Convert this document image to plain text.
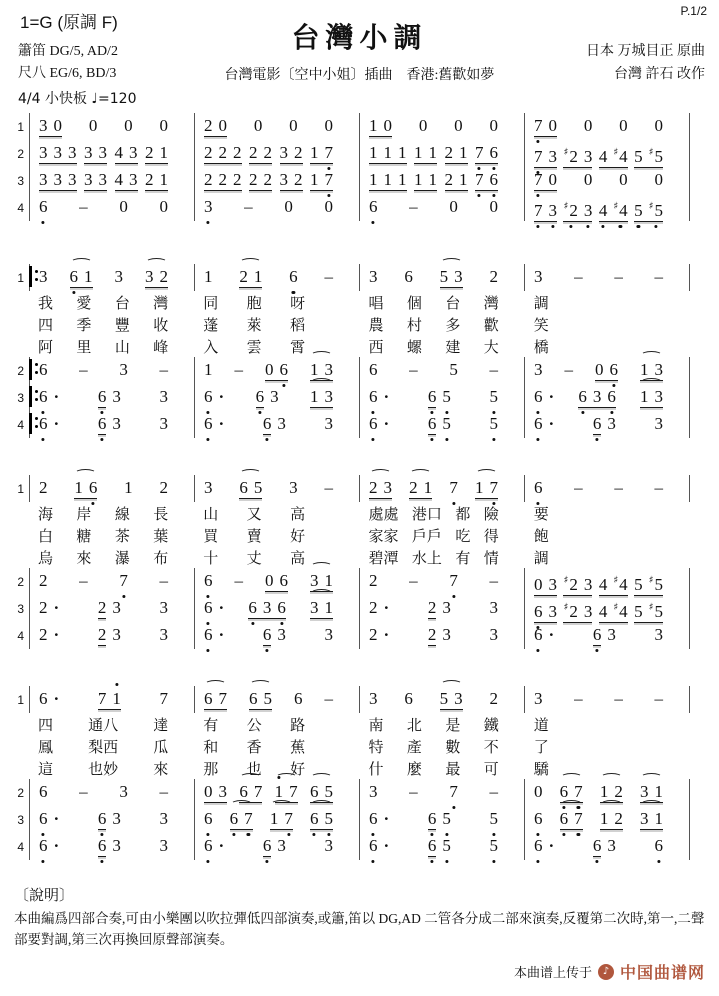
1=G (原調 F)
P.1/2
台灣小調
簫笛 DG/5, AD/2
尺八 EG/6, BD/3	台灣電影〔空中小姐〕插曲　香港:舊歡如夢
日本 万城目正 原曲
台灣 許石 改作
4/4 小快板 ♩=120
1 3 0 0 0 0 2 0 0 0 0 1 0 0 0 0 7 0 0 0 0
2 3 3 3 3 3 4 3 2 1 2 2 2 2 2 3 2 1 7 1 1 1 1 1 2 1 7 6 7 3 ♯2 3 4 ♯4 5 ♯5
3 3 3 3 3 3 4 3 2 1 2 2 2 2 2 3 2 1 7 1 1 1 1 1 2 1 7 6 7 0 0 0 0
4 6 – 0 0 3 – 0 0 6 – 0 0 7 3 ♯2 3 4 ♯4 5 ♯5
1 3 6 1 3 3 2 1 2 1 6 – 3 6 5 3 2 3 – – –
我 愛 台 灣 同 胞 呀	唱 個 台 灣 調
四 季 豐 收 蓬 萊 稻	農 村 多 歡 笑
阿 里 山 峰 入 雲 霄	西 螺 建 大 橋
2 6 – 3 – 1 – 0 6 1 3 6 – 5 – 3 – 0 6 1 3
3 6 · 6 3 3 6 · 6 3 1 3 6 · 6 5 5 6 · 6 3 6 1 3
4 6 · 6 3 3 6 · 6 3 3 6 · 6 5 5 6 · 6 3 3
1 2 1 6 1 2 3 6 5 3 – 2 3 2 1 7 1 7 6 – – –
海 岸 線 長 山 又 高	處處 港口 都 險 要
白 糖 茶 葉 買 賣 好	家家 戶戶 吃 得 飽
烏 來 瀑 布 十 丈 高	碧潭 水上 有 情 調
2 2 – 7 – 6 – 0 6 3 1 2 – 7 – 0 3 ♯2 3 4 ♯4 5 ♯5
3 2 · 2 3 3 6 · 6 3 6 3 1 2 · 2 3 3 6 3 ♯2 3 4 ♯4 5 ♯5
4 2 · 2 3 3 6 · 6 3 3 2 · 2 3 3 6 · 6 3 3
1 6 · 7 1 7 6 7 6 5 6 – 3 6 5 3 2 3 – – –
四 通八 達 有 公 路	南 北 是 鐵 道
鳳 梨西 瓜 和 香 蕉	特 產 數 不 了
這 也妙 來 那 也 好	什 麼 最 可 驕
2 6 – 3 – 0 3 6 7 1 7 6 5 3 – 7 – 0 6 7 1 2 3 1
3 6 · 6 3 3 6 6 7 1 7 6 5 6 · 6 5 5 6 6 7 1 2 3 1
4 6 · 6 3 3 6 · 6 3 3 6 · 6 5 5 6 · 6 3 6
〔說明〕
本曲編爲四部合奏,可由小樂團以吹拉彈低四部演奏,或簫,笛以 DG,AD 二管各分成二部來演奏,反覆第二次時,第一,二聲部要對調,第三次再換回原聲部演奏。
本曲谱上传于	♪ 中国曲谱网
